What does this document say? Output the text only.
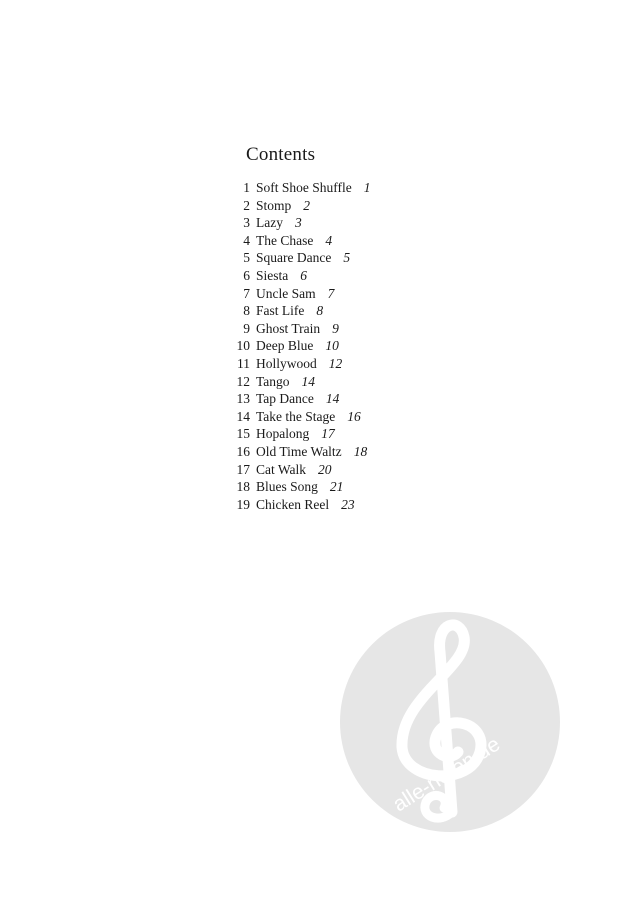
Contents
1 Soft Shoe Shuffle 1
2 Stomp 2
3 Lazy 3
4 The Chase 4
5 Square Dance 5
6 Siesta 6
7 Uncle Sam 7
8 Fast Life 8
9 Ghost Train 9
10 Deep Blue 10
11 Hollywood 12
12 Tango 14
13 Tap Dance 14
14 Take the Stage 16
15 Hopalong 17
16 Old Time Waltz 18
17 Cat Walk 20
18 Blues Song 21
19 Chicken Reel 23
alle-noten.de
